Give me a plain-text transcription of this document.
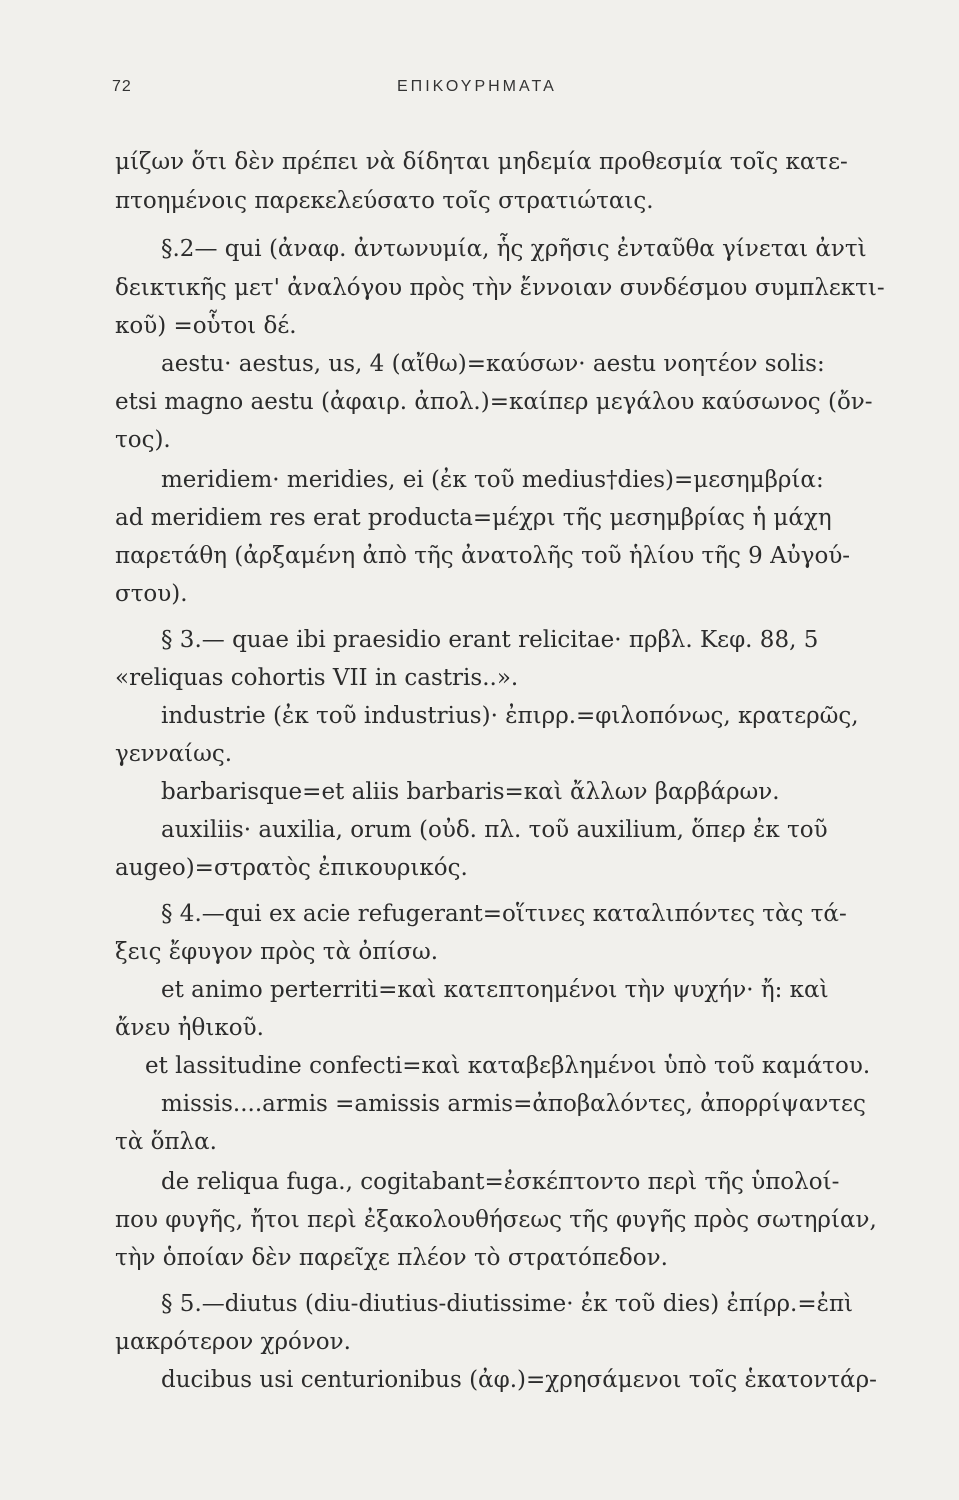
72	ΕΠΙΚΟΥΡΗΜΑΤΑ
μίζων ὅτι δὲν πρέπει νὰ δίδηται μηδεμία προθεσμία τοῖς κατε-
πτοημένοις παρεκελεύσατο τοῖς στρατιώταις.
§.2— qui (ἀναφ. ἀντωνυμία, ἧς χρῆσις ἐνταῦθα γίνεται ἀντὶ
δεικτικῆς μετ' ἀναλόγου πρὸς τὴν ἔννοιαν συνδέσμου συμπλεκτι-
κοῦ) =οὗτοι δέ.
aestu· aestus, us, 4 (αἴθω)=καύσων· aestu νοητέον solis:
etsi magno aestu (ἀφαιρ. ἀπολ.)=καίπερ μεγάλου καύσωνος (ὄν-
τος).
meridiem· meridies, ei (ἐκ τοῦ medius†dies)=μεσημβρία:
ad meridiem res erat producta=μέχρι τῆς μεσημβρίας ἡ μάχη
παρετάθη (ἀρξαμένη ἀπὸ τῆς ἀνατολῆς τοῦ ἡλίου τῆς 9 Αὐγού-
στου).
§ 3.— quae ibi praesidio erant relicitae· πρβλ. Κεφ. 88, 5
«reliquas cohortis VII in castris..».
industrie (ἐκ τοῦ industrius)· ἐπιρρ.=φιλοπόνως, κρατερῶς,
γενναίως.
barbarisque=et aliis barbaris=καὶ ἄλλων βαρβάρων.
auxiliis· auxilia, orum (οὐδ. πλ. τοῦ auxilium, ὅπερ ἐκ τοῦ
augeo)=στρατὸς ἐπικουρικός.
§ 4.—qui ex acie refugerant=οἵτινες καταλιπόντες τὰς τά-
ξεις ἔφυγον πρὸς τὰ ὀπίσω.
et animo perterriti=καὶ κατεπτοημένοι τὴν ψυχήν· ἤ: καὶ
ἄνευ ἠθικοῦ.
et lassitudine confecti=καὶ καταβεβλημένοι ὑπὸ τοῦ καμάτου.
missis....armis =amissis armis=ἀποβαλόντες, ἀπορρίψαντες
τὰ ὅπλα.
de reliqua fuga., cogitabant=ἐσκέπτοντο περὶ τῆς ὑπολοί-
που φυγῆς, ἤτοι περὶ ἐξακολουθήσεως τῆς φυγῆς πρὸς σωτηρίαν,
τὴν ὁποίαν δὲν παρεῖχε πλέον τὸ στρατόπεδον.
§ 5.—diutus (diu-diutius-diutissime· ἐκ τοῦ dies) ἐπίρρ.=ἐπὶ
μακρότερον χρόνον.
ducibus usi centurionibus (ἀφ.)=χρησάμενοι τοῖς ἑκατοντάρ-
